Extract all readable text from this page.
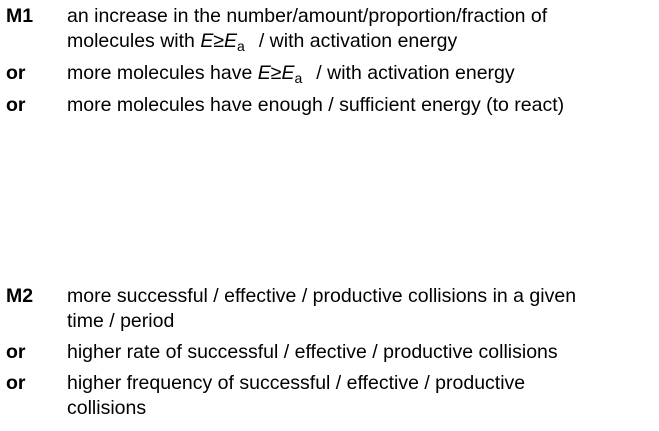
M1	an increase in the number/amount/proportion/fraction of
molecules with $E\ge E_a$ / with activation energy
or	more molecules have $E\ge E_a$ / with activation energy
or	more molecules have enough / sufficient energy (to react)
M2	more successful / effective / productive collisions in a given
time / period
or	higher rate of successful / effective / productive collisions
or	higher frequency of successful / effective / productive
collisions
